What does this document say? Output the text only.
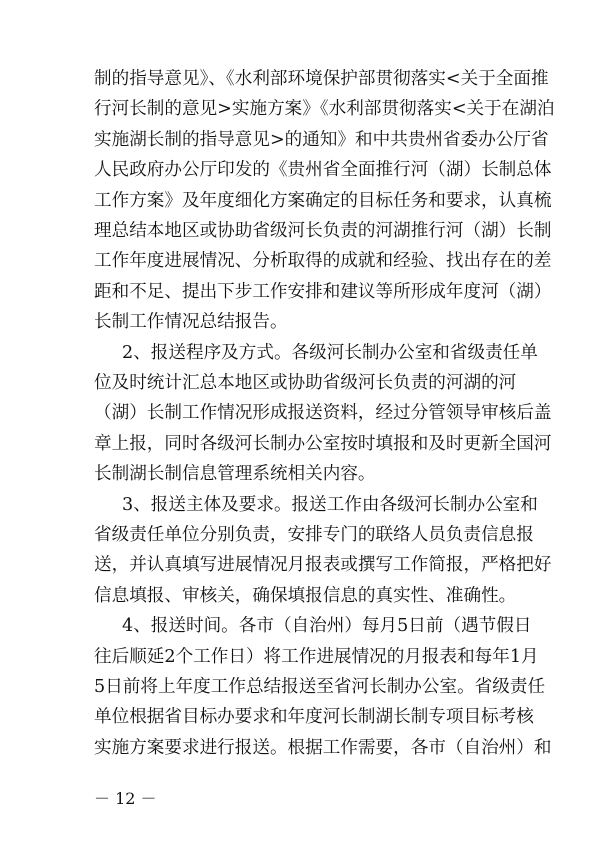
制的指导意见》、《水利部环境保护部贯彻落实<关于全面推
行河长制的意见>实施方案》《水利部贯彻落实<关于在湖泊
实施湖长制的指导意见>的通知》和中共贵州省委办公厅省
人民政府办公厅印发的《贵州省全面推行河（湖）长制总体
工作方案》及年度细化方案确定的目标任务和要求，认真梳
理总结本地区或协助省级河长负责的河湖推行河（湖）长制
工作年度进展情况、分析取得的成就和经验、找出存在的差
距和不足、提出下步工作安排和建议等所形成年度河（湖）
长制工作情况总结报告。
2、报送程序及方式。各级河长制办公室和省级责任单
位及时统计汇总本地区或协助省级河长负责的河湖的河
（湖）长制工作情况形成报送资料，经过分管领导审核后盖
章上报，同时各级河长制办公室按时填报和及时更新全国河
长制湖长制信息管理系统相关内容。
3、报送主体及要求。报送工作由各级河长制办公室和
省级责任单位分别负责，安排专门的联络人员负责信息报
送，并认真填写进展情况月报表或撰写工作简报，严格把好
信息填报、审核关，确保填报信息的真实性、准确性。
4、报送时间。各市（自治州）每月5日前（遇节假日
往后顺延2个工作日）将工作进展情况的月报表和每年1月
5日前将上年度工作总结报送至省河长制办公室。省级责任
单位根据省目标办要求和年度河长制湖长制专项目标考核
实施方案要求进行报送。根据工作需要，各市（自治州）和
－ 12 －
